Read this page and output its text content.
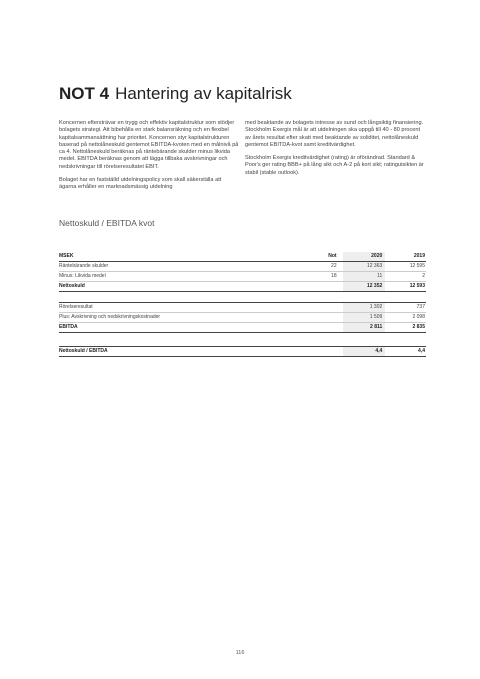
NOT 4 Hantering av kapitalrisk

Koncernen eftersträvar en trygg och effektiv kapitalstruktur som stödjer bolagets strategi. Att bibehålla en stark balansräkning och en flexibel kapitalsammansättning har prioritet. Koncernen styr kapitalstrukturen baserad på nettolåneskuld gentemot EBITDA-kvoten med en målnivå på ca 4. Nettolåneskuld beräknas på räntebärande skulder minus likvida medel. EBITDA beräknas genom att lägga tillbaka avskrivningar och nedskrivningar till rörelseresultatet EBIT.

Bolaget har en fastställd utdelningspolicy som skall säkerställa att ägarna erhåller en marknadsmässig utdelning

med beaktande av bolagets intresse av sund och långsiktig finansiering. Stockholm Exergis mål är att utdelningen ska uppgå till 40 - 80 procent av årets resultat efter skatt med beaktande av soliditet, nettolåneskuld gentemot EBITDA-kvot samt kreditvärdighet.

Stockholm Exergis kreditvärdighet (rating) är oförändrad. Standard & Poor's ger rating BBB+ på lång sikt och A-2 på kort sikt; ratingutsikten är stabil (stable outlook).

Nettoskuld / EBITDA kvot
MSEK	Not	2020	2019
Räntebärande skulder	22	12 363	12 595
Minus: Likvida medel	18	11	2
Nettoskuld		12 352	12 593

Rörelseresultat		1 302	737
Plus: Avskrivning och nedskrivningskostnader		1 509	2 098
EBITDA		2 811	2 835

Nettoskuld / EBITDA		4,4	4,4
116
